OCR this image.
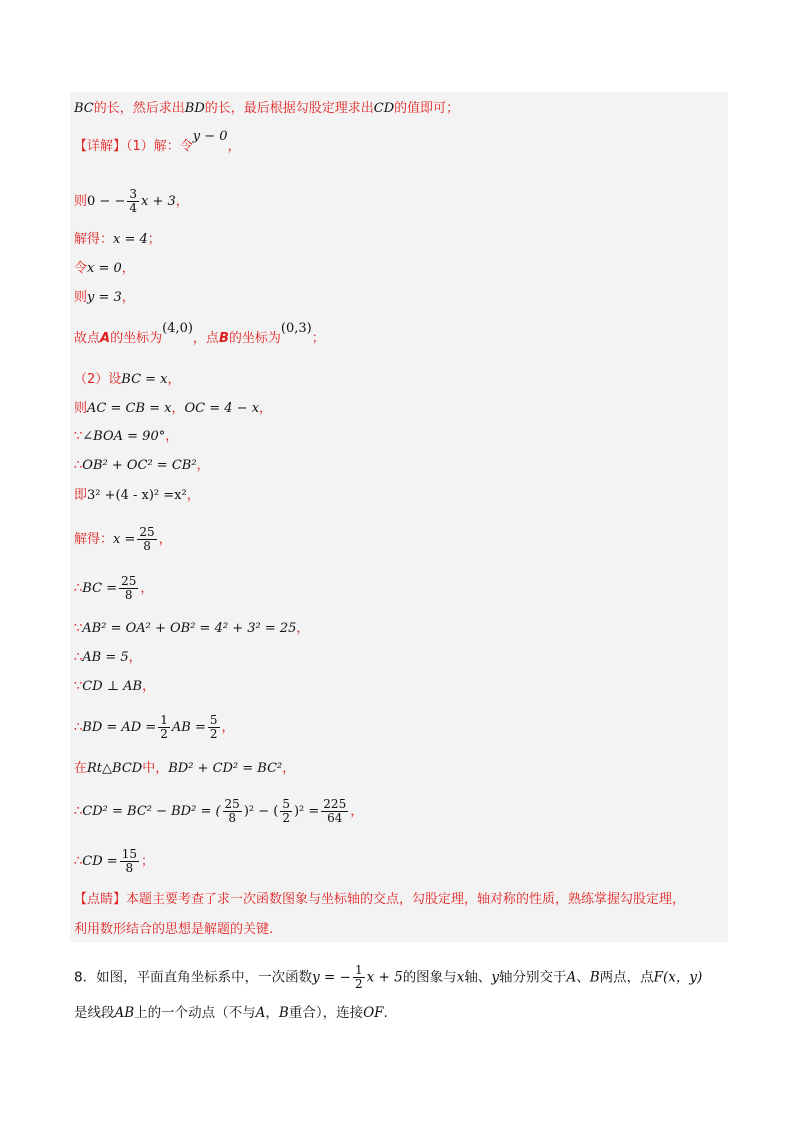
BC的长，然后求出BD的长，最后根据勾股定理求出CD的值即可；
【详解】（1）解：令y − 0，
则0 − − $\frac{3}{4}$ x + 3，
解得：x = 4；
令x = 0，
则y = 3，
故点A的坐标为(4,0)，点B的坐标为(0,3)；
（2）设BC = x，
则AC = CB = x，OC = 4 − x，
∵∠BOA = 90°，
∴OB² + OC² = CB²，
即3² +(4 - x)² =x²，
解得：$x = \frac{25}{8}$ ，
∴BC = $\frac{25}{8}$ ，
∵AB² = OA² + OB² = 4² + 3² = 25，
∴AB = 5，
∵CD ⊥ AB，
∴BD = AD = $\frac{1}{2}$ AB = $\frac{5}{2}$ ，
在Rt△BCD中，BD² + CD² = BC²，
∴CD² = BC² − BD² = ( $\frac{25}{8} )^2$ − ( $\frac{5}{2} )^2 = \frac{225}{64}$ ，
∴CD = $\frac{15}{8}$ ；
【点睛】本题主要考查了求一次函数图象与坐标轴的交点，勾股定理，轴对称的性质，熟练掌握勾股定理，
利用数形结合的思想是解题的关键.
8．如图，平面直角坐标系中，一次函数y = − $\frac{1}{2}$ x + 5的图象与x轴、y轴分别交于A、B两点，点F(x，y)
是线段AB上的一个动点（不与A，B重合），连接OF.
